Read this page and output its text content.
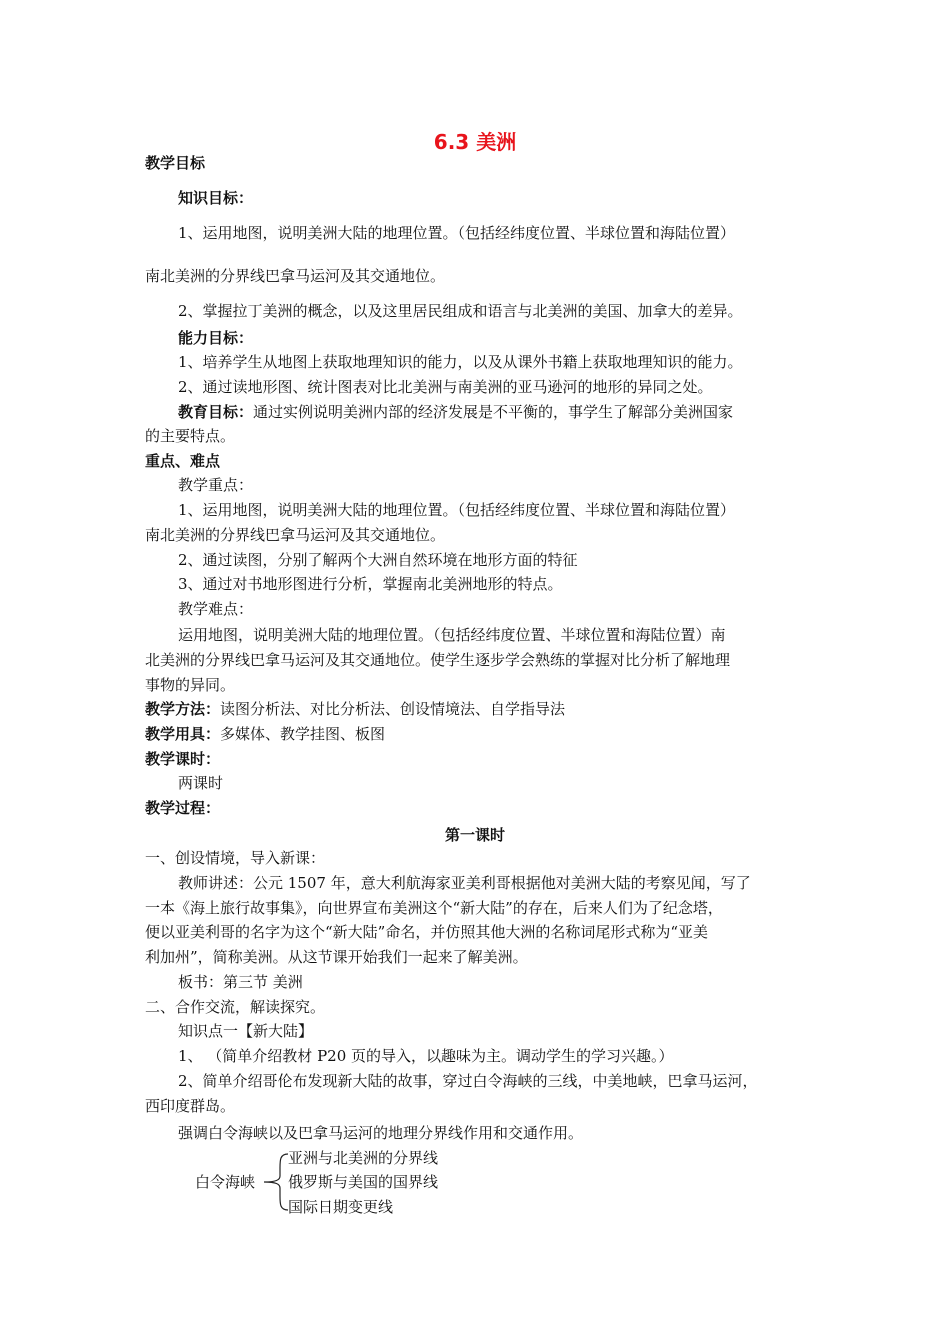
6.3 美洲
教学目标
知识目标：
1、运用地图，说明美洲大陆的地理位置。（包括经纬度位置、半球位置和海陆位置）
南北美洲的分界线巴拿马运河及其交通地位。
2、掌握拉丁美洲的概念，以及这里居民组成和语言与北美洲的美国、加拿大的差异。
能力目标：
1、培养学生从地图上获取地理知识的能力，以及从课外书籍上获取地理知识的能力。
2、通过读地形图、统计图表对比北美洲与南美洲的亚马逊河的地形的异同之处。
教育目标：通过实例说明美洲内部的经济发展是不平衡的，事学生了解部分美洲国家
的主要特点。
重点、难点
教学重点：
1、运用地图，说明美洲大陆的地理位置。（包括经纬度位置、半球位置和海陆位置）
南北美洲的分界线巴拿马运河及其交通地位。
2、通过读图，分别了解两个大洲自然环境在地形方面的特征
3、通过对书地形图进行分析，掌握南北美洲地形的特点。
教学难点：
运用地图，说明美洲大陆的地理位置。（包括经纬度位置、半球位置和海陆位置）南
北美洲的分界线巴拿马运河及其交通地位。使学生逐步学会熟练的掌握对比分析了解地理
事物的异同。
教学方法：读图分析法、对比分析法、创设情境法、自学指导法
教学用具：多媒体、教学挂图、板图
教学课时：
两课时
教学过程：
第一课时
一、创设情境，导入新课：
教师讲述：公元 1507 年，意大利航海家亚美利哥根据他对美洲大陆的考察见闻，写了
一本《海上旅行故事集》，向世界宣布美洲这个“新大陆”的存在，后来人们为了纪念塔，
便以亚美利哥的名字为这个“新大陆”命名，并仿照其他大洲的名称词尾形式称为“亚美
利加州”，简称美洲。从这节课开始我们一起来了解美洲。
板书：第三节 美洲
二、合作交流，解读探究。
知识点一【新大陆】
1、 （简单介绍教材 P20 页的导入，以趣味为主。调动学生的学习兴趣。）
2、简单介绍哥伦布发现新大陆的故事，穿过白令海峡的三线，中美地峡，巴拿马运河，
西印度群岛。
强调白令海峡以及巴拿马运河的地理分界线作用和交通作用。
白令海峡
亚洲与北美洲的分界线
俄罗斯与美国的国界线
国际日期变更线
